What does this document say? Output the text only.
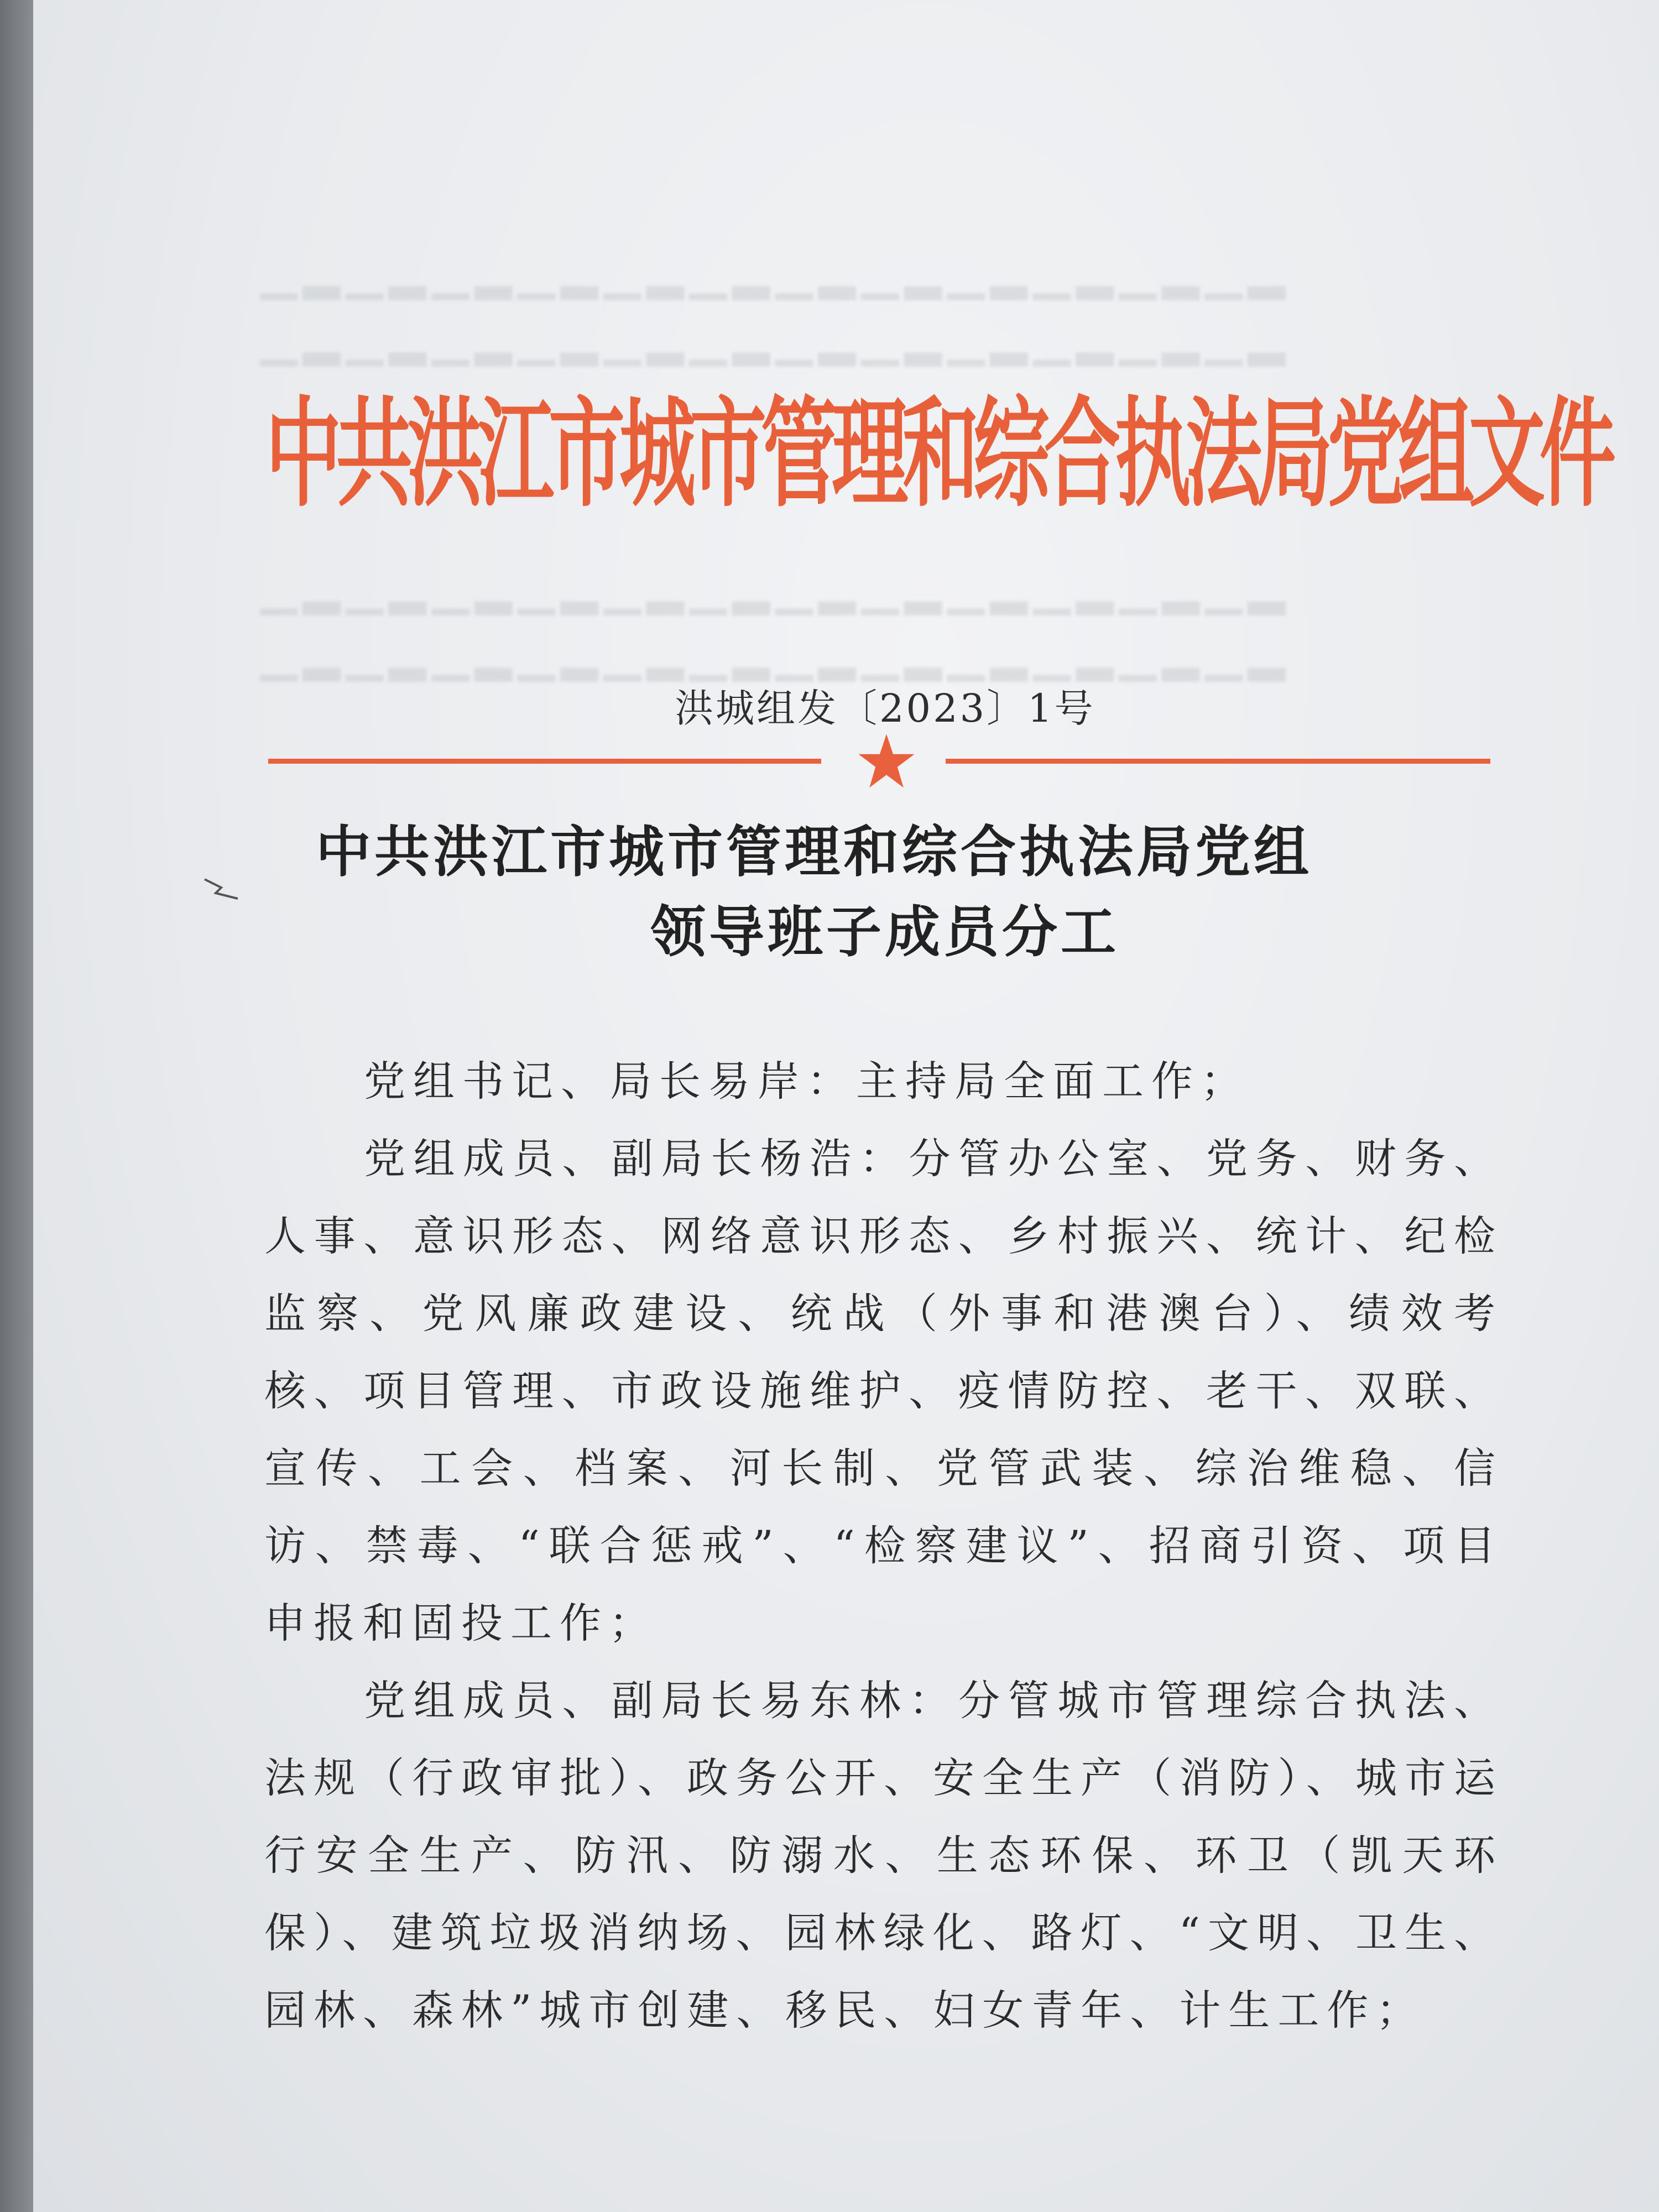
▁▂▁▂▁▂▁▂▁▂▁▂▁▂▁▂▁▂▁▂▁▂▁▂
▁▂▁▂▁▂▁▂▁▂▁▂▁▂▁▂▁▂▁▂▁▂▁▂
▁▂▁▂▁▂▁▂▁▂▁▂▁▂▁▂▁▂▁▂▁▂▁▂
▁▂▁▂▁▂▁▂▁▂▁▂▁▂▁▂▁▂▁▂▁▂▁▂
中共洪江市城市管理和综合执法局党组文件
洪城组发〔2023〕1号
中共洪江市城市管理和综合执法局党组
领导班子成员分工

党组书记、局长易岸：主持局全面工作；

党组成员、副局长杨浩：分管办公室、党务、财务、人事、意识形态、网络意识形态、乡村振兴、统计、纪检监察、党风廉政建设、统战（外事和港澳台）、绩效考核、项目管理、市政设施维护、疫情防控、老干、双联、宣传、工会、档案、河长制、党管武装、综治维稳、信访、禁毒、“联合惩戒”、“检察建议”、招商引资、项目申报和固投工作；

党组成员、副局长易东林：分管城市管理综合执法、法规（行政审批）、政务公开、安全生产（消防）、城市运行安全生产、防汛、防溺水、生态环保、环卫（凯天环保）、建筑垃圾消纳场、园林绿化、路灯、“文明、卫生、园林、森林”城市创建、移民、妇女青年、计生工作；
